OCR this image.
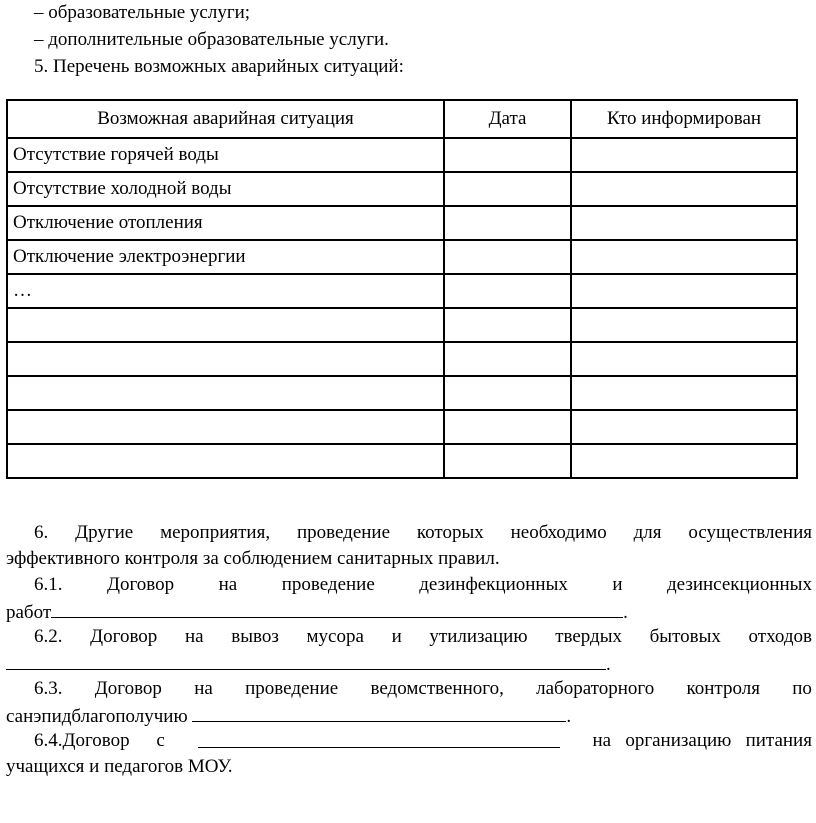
– образовательные услуги;
– дополнительные образовательные услуги.
5. Перечень возможных аварийных ситуаций:
Возможная аварийная ситуация	Дата	Кто информирован
Отсутствие горячей воды		
Отсутствие холодной воды		
Отключение отопления		
Отключение электроэнергии		
…		

6. Другие мероприятия, проведение которых необходимо для осуществления
эффективного контроля за соблюдением санитарных правил.
6.1. Договор на проведение дезинфекционных и дезинсекционных
работ	.
6.2. Договор на вывоз мусора и утилизацию твердых бытовых отходов
.
6.3. Договор на проведение ведомственного, лабораторного контроля по
санэпидблагополучию	.
6.4.Договор с	на организацию питания
учащихся и педагогов МОУ.
